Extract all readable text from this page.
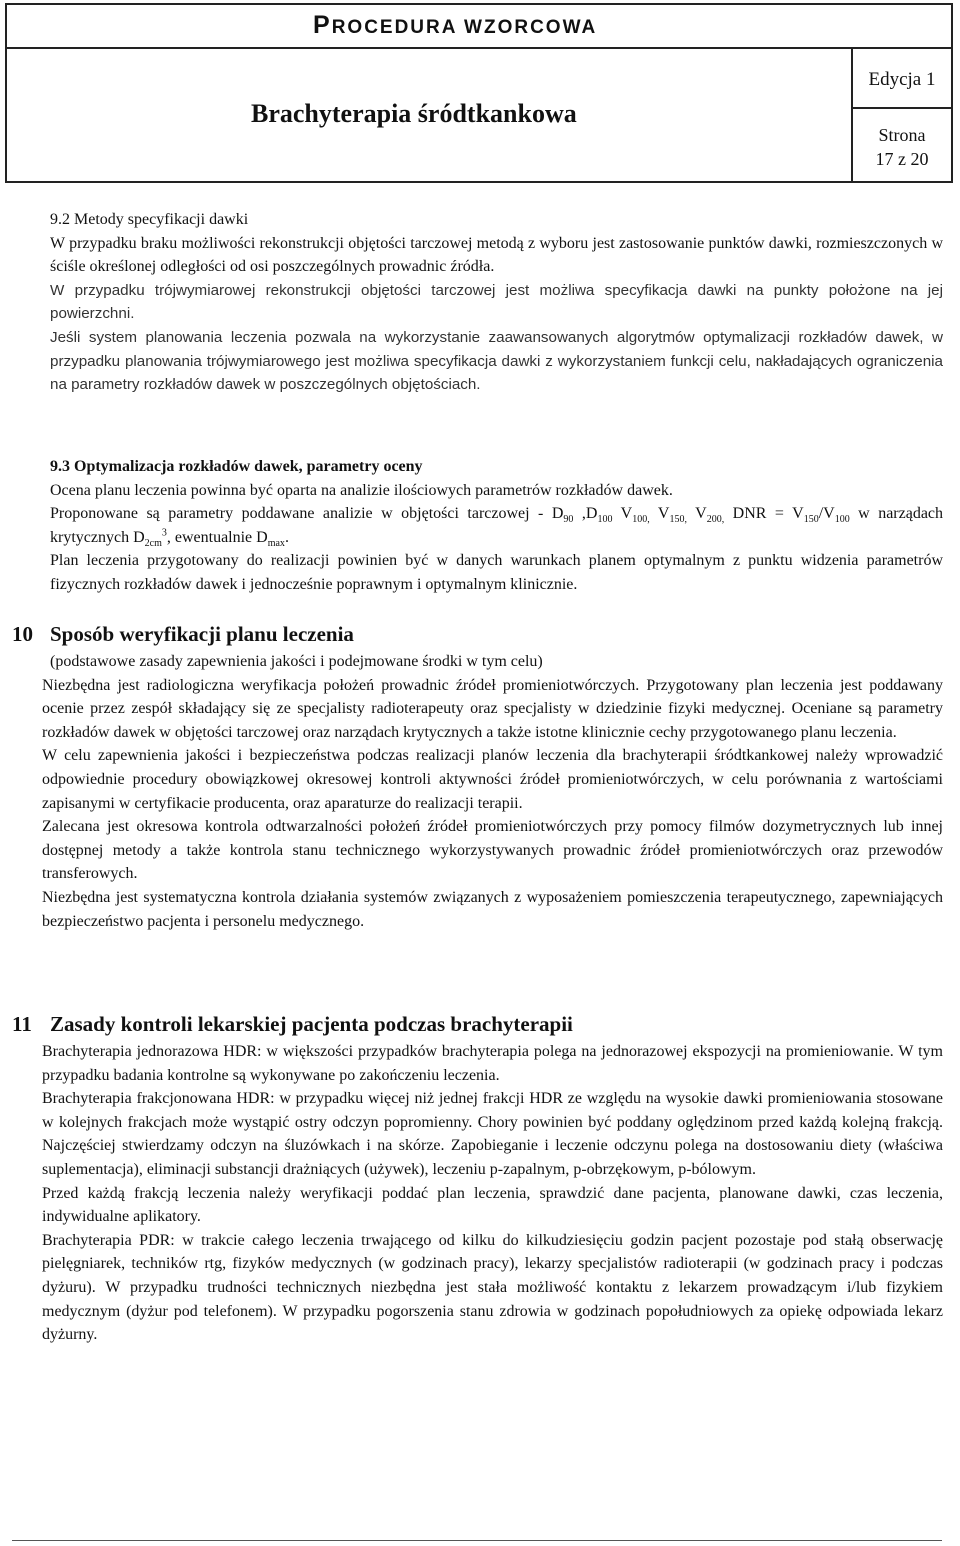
PROCEDURA WZORCOWA
Brachyterapia śródtkankowa
Edycja 1
Strona
17 z 20

9.2 Metody specyfikacji dawki

W przypadku braku możliwości rekonstrukcji objętości tarczowej metodą z wyboru jest zastosowanie punktów dawki, rozmieszczonych w ściśle określonej odległości od osi poszczególnych prowadnic źródła.

W przypadku trójwymiarowej rekonstrukcji objętości tarczowej jest możliwa specyfikacja dawki na punkty położone na jej powierzchni.

Jeśli system planowania leczenia pozwala na wykorzystanie zaawansowanych algorytmów optymalizacji rozkładów dawek, w przypadku planowania trójwymiarowego jest możliwa specyfikacja dawki z wykorzystaniem funkcji celu, nakładających ograniczenia na parametry rozkładów dawek w poszczególnych objętościach.

9.3 Optymalizacja rozkładów dawek, parametry oceny

Ocena planu leczenia powinna być oparta na analizie ilościowych parametrów rozkładów dawek.

Proponowane są parametry poddawane analizie w objętości tarczowej - $D_{90}$ $,D_{100}$ $V_{100,}$ $V_{150,}$ $V_{200,}$ DNR = $V_{150}/V_{100}$ w narządach krytycznych $D_{2cm}^3$, ewentualnie $D_{max}$.

Plan leczenia przygotowany do realizacji powinien być w danych warunkach planem optymalnym z punktu widzenia parametrów fizycznych rozkładów dawek i jednocześnie poprawnym i optymalnym klinicznie.

10 Sposób weryfikacji planu leczenia

(podstawowe zasady zapewnienia jakości i podejmowane środki w tym celu)

Niezbędna jest radiologiczna weryfikacja położeń prowadnic źródeł promieniotwórczych. Przygotowany plan leczenia jest poddawany ocenie przez zespół składający się ze specjalisty radioterapeuty oraz specjalisty w dziedzinie fizyki medycznej. Oceniane są parametry rozkładów dawek w objętości tarczowej oraz narządach krytycznych a także istotne klinicznie cechy przygotowanego planu leczenia.

W celu zapewnienia jakości i bezpieczeństwa podczas realizacji planów leczenia dla brachyterapii śródtkankowej należy wprowadzić odpowiednie procedury obowiązkowej okresowej kontroli aktywności źródeł promieniotwórczych, w celu porównania z wartościami zapisanymi w certyfikacie producenta, oraz aparaturze do realizacji terapii.

Zalecana jest okresowa kontrola odtwarzalności położeń źródeł promieniotwórczych przy pomocy filmów dozymetrycznych lub innej dostępnej metody a także kontrola stanu technicznego wykorzystywanych prowadnic źródeł promieniotwórczych oraz przewodów transferowych.

Niezbędna jest systematyczna kontrola działania systemów związanych z wyposażeniem pomieszczenia terapeutycznego, zapewniających bezpieczeństwo pacjenta i personelu medycznego.

11 Zasady kontroli lekarskiej pacjenta podczas brachyterapii

Brachyterapia jednorazowa HDR: w większości przypadków brachyterapia polega na jednorazowej ekspozycji na promieniowanie. W tym przypadku badania kontrolne są wykonywane po zakończeniu leczenia.

Brachyterapia frakcjonowana HDR: w przypadku więcej niż jednej frakcji HDR ze względu na wysokie dawki promieniowania stosowane w kolejnych frakcjach może wystąpić ostry odczyn popromienny. Chory powinien być poddany oględzinom przed każdą kolejną frakcją. Najczęściej stwierdzamy odczyn na śluzówkach i na skórze. Zapobieganie i leczenie odczynu polega na dostosowaniu diety (właściwa suplementacja), eliminacji substancji drażniących (używek), leczeniu p-zapalnym, p-obrzękowym, p-bólowym.

Przed każdą frakcją leczenia należy weryfikacji poddać plan leczenia, sprawdzić dane pacjenta, planowane dawki, czas leczenia, indywidualne aplikatory.

Brachyterapia PDR: w trakcie całego leczenia trwającego od kilku do kilkudziesięciu godzin pacjent pozostaje pod stałą obserwację pielęgniarek, techników rtg, fizyków medycznych (w godzinach pracy), lekarzy specjalistów radioterapii (w godzinach pracy i podczas dyżuru). W przypadku trudności technicznych niezbędna jest stała możliwość kontaktu z lekarzem prowadzącym i/lub fizykiem medycznym (dyżur pod telefonem). W przypadku pogorszenia stanu zdrowia w godzinach popołudniowych za opiekę odpowiada lekarz dyżurny.
